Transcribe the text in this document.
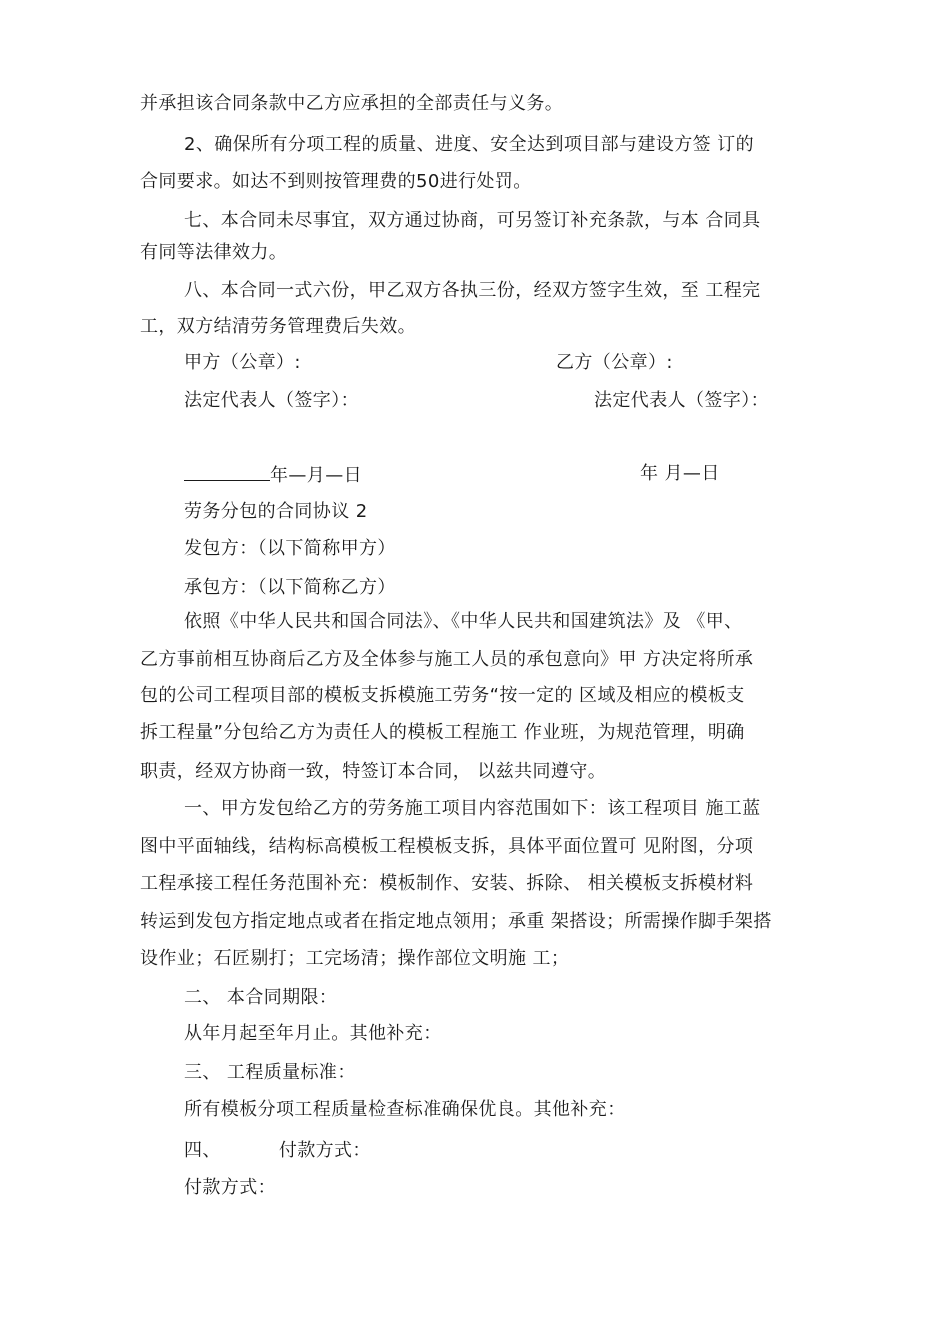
并承担该合同条款中乙方应承担的全部责任与义务。
2、确保所有分项工程的质量、进度、安全达到项目部与建设方签 订的
合同要求。如达不到则按管理费的50进行处罚。
七、本合同未尽事宜，双方通过协商，可另签订补充条款，与本 合同具
有同等法律效力。
八、本合同一式六份，甲乙双方各执三份，经双方签字生效，至 工程完
工，双方结清劳务管理费后失效。
甲方（公章）:	乙方（公章）:
法定代表人（签字）：	法定代表人（签字）：
年—月—日	年 月—日
劳务分包的合同协议 2
发包方：（以下简称甲方）
承包方：（以下简称乙方）
依照《中华人民共和国合同法》、《中华人民共和国建筑法》及 《甲、
乙方事前相互协商后乙方及全体参与施工人员的承包意向》甲 方决定将所承
包的公司工程项目部的模板支拆模施工劳务“按一定的 区域及相应的模板支
拆工程量”分包给乙方为责任人的模板工程施工 作业班，为规范管理，明确
职责，经双方协商一致，特签订本合同， 以兹共同遵守。
一、甲方发包给乙方的劳务施工项目内容范围如下：该工程项目 施工蓝
图中平面轴线，结构标高模板工程模板支拆，具体平面位置可 见附图，分项
工程承接工程任务范围补充：模板制作、安装、拆除、 相关模板支拆模材料
转运到发包方指定地点或者在指定地点领用；承重 架搭设；所需操作脚手架搭
设作业；石匠剔打；工完场清；操作部位文明施 工；
二、 本合同期限：
从年月起至年月止。其他补充：
三、 工程质量标准：
所有模板分项工程质量检查标准确保优良。其他补充：
四、	付款方式：
付款方式：
